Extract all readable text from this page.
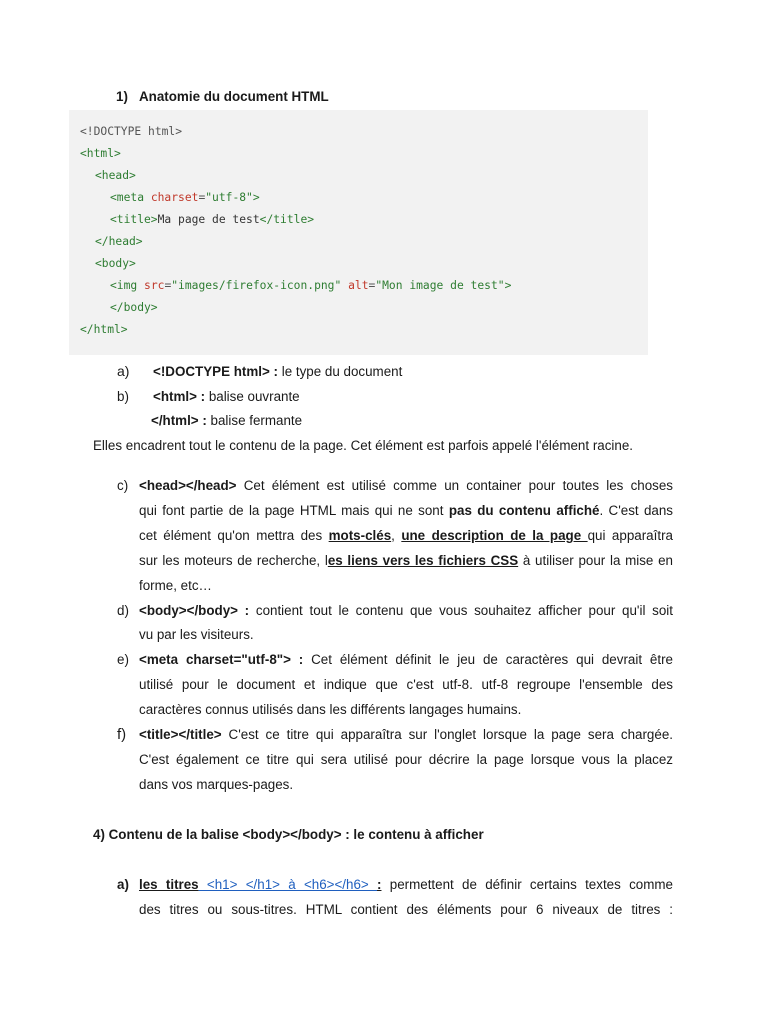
1) Anatomie du document HTML
<!DOCTYPE html>
<html>
<head>
<meta charset="utf-8">
<title>Ma page de test</title>
</head>
<body>
<img src="images/firefox-icon.png" alt="Mon image de test">
</body>
</html>
a) <!DOCTYPE html> : le type du document
b) <html> : balise ouvrante
</html> : balise fermante
Elles encadrent tout le contenu de la page. Cet élément est parfois appelé l'élément racine.
c) <head></head> Cet élément est utilisé comme un container pour toutes les choses
qui font partie de la page HTML mais qui ne sont pas du contenu affiché. C'est dans
cet élément qu'on mettra des mots-clés, une description de la page qui apparaîtra
sur les moteurs de recherche, les liens vers les fichiers CSS à utiliser pour la mise en
forme, etc…
d) <body></body> : contient tout le contenu que vous souhaitez afficher pour qu'il soit
vu par les visiteurs.
e) <meta charset="utf-8"> : Cet élément définit le jeu de caractères qui devrait être
utilisé pour le document et indique que c'est utf-8. utf-8 regroupe l'ensemble des
caractères connus utilisés dans les différents langages humains.
f) <title></title> C'est ce titre qui apparaîtra sur l'onglet lorsque la page sera chargée.
C'est également ce titre qui sera utilisé pour décrire la page lorsque vous la placez
dans vos marques-pages.
4) Contenu de la balise <body></body> : le contenu à afficher
a) les titres <h1> </h1> à <h6></h6> : permettent de définir certains textes comme
des titres ou sous-titres. HTML contient des éléments pour 6 niveaux de titres :
